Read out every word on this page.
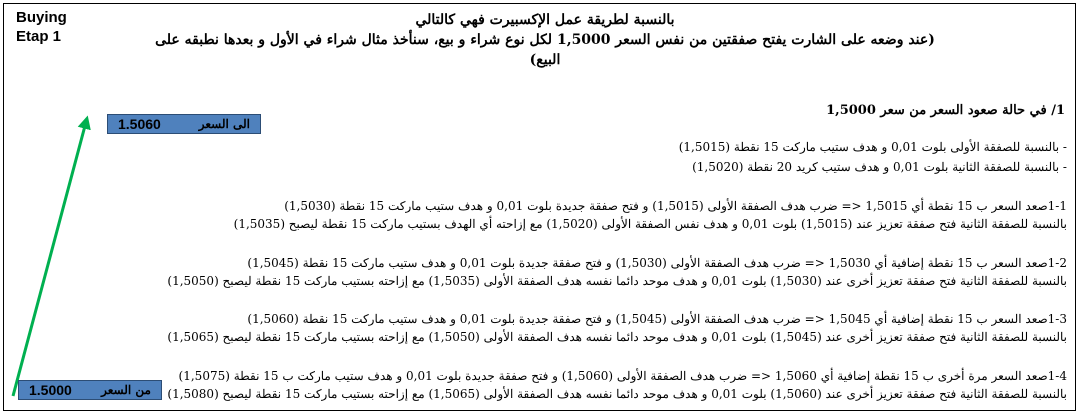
Buying
Etap 1
بالنسبة لطريقة عمل الإكسبيرت فهي كالتالي
(عند وضعه على الشارت يفتح صفقتين من نفس السعر 1,5000 لكل نوع شراء و بيع، سنأخذ مثال شراء في الأول و بعدها نطبقه على البيع)
1.5060	الى السعر
1.5000 من السعر
1/ في حالة صعود السعر من سعر 1,5000
- بالنسبة للصفقة الأولى بلوت 0,01 و هدف ستيب ماركت 15 نقطة (1,5015)
- بالنسبة للصفقة الثانية بلوت 0,01 و هدف ستيب كريد 20 نقطة (1,5020)
1-1صعد السعر ب 15 نقطة أي 1,5015 <= ضرب هدف الصفقة الأولى (1,5015) و فتح صفقة جديدة بلوت 0,01 و هدف ستيب ماركت 15 نقطة (1,5030)
بالنسبة للصفقة الثانية فتح صفقة تعزيز عند (1,5015) بلوت 0,01 و هدف نفس الصفقة الأولى (1,5020) مع إزاحته أي الهدف بستيب ماركت 15 نقطة ليصبح (1,5035)
1-2صعد السعر ب 15 نقطة إضافية أي 1,5030 <= ضرب هدف الصفقة الأولى (1,5030) و فتح صفقة جديدة بلوت 0,01 و هدف ستيب ماركت 15 نقطة (1,5045)
بالنسبة للصفقة الثانية فتح صفقة تعزيز أخرى عند (1,5030) بلوت 0,01 و هدف موحد دائما نفسه هدف الصفقة الأولى (1,5035) مع إزاحته بستيب ماركت 15 نقطة ليصبح (1,5050)
1-3صعد السعر ب 15 نقطة إضافية أي 1,5045 <= ضرب هدف الصفقة الأولى (1,5045) و فتح صفقة جديدة بلوت 0,01 و هدف ستيب ماركت 15 نقطة (1,5060)
بالنسبة للصفقة الثانية فتح صفقة تعزيز أخرى عند (1,5045) بلوت 0,01 و هدف موحد دائما نفسه هدف الصفقة الأولى (1,5050) مع إزاحته بستيب ماركت 15 نقطة ليصبح (1,5065)
1-4صعد السعر مرة أخرى ب 15 نقطة إضافية أي 1,5060 <= ضرب هدف الصفقة الأولى (1,5060) و فتح صفقة جديدة بلوت 0,01 و هدف ستيب ماركت ب 15 نقطة (1,5075)
بالنسبة للصفقة الثانية فتح صفقة تعزيز أخرى عند (1,5060) بلوت 0,01 و هدف موحد دائما نفسه هدف الصفقة الأولى (1,5065) مع إزاحته بستيب ماركت 15 نقطة ليصبح (1,5080)
